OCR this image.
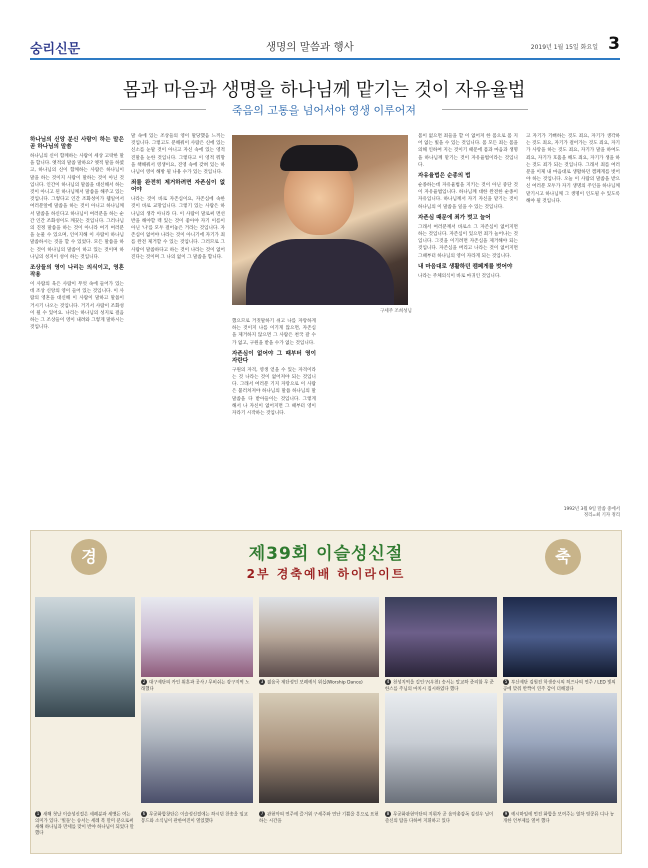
숭리신문	생명의 말씀과 행사	2019년 1월 15일 화요일 3
몸과 마음과 생명을 하나님께 맡기는 것이 자유율법
죽음의 고통을 넘어서야 영생 이루어져
하나님의 신앙 분신 사람이 하는 말은 곧 하나님의 말씀

하나님의 신이 함께하는 사람이 세상 고락한 말을 합니다. 옛적의 말씀 말하요? 옛적 말을 하였고, 하나님의 신이 함께하는 사람은 하나님이 말을 하는 것이지 사람이 말하는 것이 아닌 것입니다. 인간이 하나님의 말씀을 대신해서 하는 것이 아니고 된 하나님께서 말씀을 해주고 있는 것입니다. 그렇다고 인간 조화성이가 웹일어서 여러분앞에 말씀을 하는 것이 아니고 하나님께서 말씀을 하신다고 하나님이 여러분을 하는 순간 인간 조화성이도 깨끗는 것입니다. 그러나님의 진정 말씀을 하는 것이 아니라 여기 여러분을 눈물 수 있으며, 인이지해 이 사람이 하나님 말씀하시는 것을 할 수 있었다. 모든 말씀을 하는 것이 하나님의 말씀이 하고 있는 것이며 하나님의 성지이 성이 하는 것입니다.

조상들의 영이 나리는 의식이고, 영혼 작용

이 사람의 육은 사람이 무엇 속에 들어가 있는데 조상 신앙의 영이 들어 있는 것입니다. 이 사람의 영혼을 대신해 이 사람이 말하고 말씀이 거시기 나오는 것입니다. 거기서 사람이 조화성이 될 수 있어요. 나리는 하나님의 성지로 걸음 하는 그 조상들이 영이 내려와 그렇게 말하시는 것입니다.

말 속에 있는 조상들의 영이 말당했음 느끼는 것입니다. 그렇고도 분해줘이 사람은 신에 있는 신소를 눈말 것이 아니고 자신 속에 있는 영적 진말을 눈한 것입니다. 그렇다고 이 영적 뭐망을 책해줘서 영생이요, 진영 속에 갖혀 있는 하나님이 영이 해방 될 나용 수가 있는 것입니다.

죄를 완전히 제거하려면 자존심이 없어야

나라는 것이 바로 자존심이요, 자존심에 속한 것이 바로 교망입니다. 그렇기 있는 사람은 하나님의 생각 아니라 다. 이 사람이 말로써 면선 반을 해야할 렉 있는 것이 좋아야 자기 이름이 아닌 '나'를 모두 걸어놓은 거라는 것입니다. 자존심이 없어야 나라는 것이 아니기에 자기가 죄를 완전 제거할 수 있는 것입니다. 그러므로 그 사람이 말씀하다고 하는 것이 나라는 것이 없어진다는 것이며 그 나의 없이 그 말씀을 함니다.

했으므로 거짓말하기 쉬고 나를 자랑하게 하는 것이지 나를 이기게 않으면, 자존심을 제거하지 않으면 그 사람은 천국 갈 수가 없고, 구원을 받을 수가 없는 것입니다.

자존심이 없어야 그 때부터 영이 자란다

구원의 자격, 영생 얻을 수 있는 자격이라는 것 나라는 것이 없어져야 되는 것입니다. 그래서 여러분 기지 자랑으로 이 사람은 불러쳐져야 하나님의 말씀 하나님의 말 말씀을 다 받아들이는 것입니다. 그렇게 해서 나 자신이 없어지면 그 때부터 영이 자라기 시작하는 것입니다.

몸이 없으면 죄들을 할 이 없어져 한 몸으로 몸 지어 없는 빛을 수 있는 것입니다. 몸 모든 죄는 몸을 의해 인하여 지는 것이기 때문에 몸과 마음과 생명을 하나님께 맡기는 것이 자유율법이라는 것입니다.

자유율법은 순종의 법

순종하는데 자유율법을 지키는 것이 아닌 중단 것이 자유율법입니다. 하나님께 대한 완전한 순종이 자유입니다. 하나님께서 자기 자신을 맡기는 것이 하나님의 이 말씀을 일을 수 있는 것입니다.

자존심 때문에 죄가 벗고 늘어

그래서 여러분께서 바로소 그 자존심이 없어지면 하는 것입니다. 자존심이 있으면 죄가 늘어나는 것입니다. 그것을 이기려면 자존심을 제거해야 되는 것입니다. 자존심을 버리고 나라는 것이 없어지면 그때부터 하나님의 영이 자라게 되는 것입니다.

내 마음대로 생활하던 캠페게를 벗어야

나라는 주체의식이 바로 마귀인 것입니다.

고 자기가 기뻐하는 것도 죄요, 자기가 생각하는 것도 죄요, 자기가 걸어가는 것도 죄요, 자기가 사랑을 하는 것도 죄요, 자기가 말을 하여도 죄요, 자기가 호흡을 해도 죄요, 자기가 생을 하는 것도 죄가 되는 것입니다. 그래서 죄를 여러분을 이제 내 마음대로 생활하던 캠페게를 벗어야 하는 것입니다. 오늘 이 사람의 말씀을 받으신 여러분 모두가 자기 생명의 주인을 하나님께 맡기시고 하나님께 그 생명이 인도될 수 있도록 해야 될 것입니다.

구세주 조희성님
1992년 3월 9일 말씀 중에서
정리=최 기자 정리
경	축
제39회 이슬성신절
2부 경축예배 하이라이트
1 새해 첫날 이슬성신절은 세례분과 세뱃돈 여는 의미가 있다. '빛돌'는 승서는 세례 복 말미 분으로써 새해 하나님과 만세를 맞이 반야 하나님이 되었다 말했다
2 대구제단의 카인 워혼과 공사 / 무비쉬는 강구지역 노래했다
3 젊음국 제단성인 보례예식 워십(Worship Dance)	4 천성지역을 길인구(우쳔) 승서는 말교하 준리함 무 준한스를 주님의 마치시 집시하였다 했다
5 부산제단 김원진 학생승시의 허즈나의 연주 / LED 빛의 공에 맞춰 반짝이 연주 감이 더해졌다
6 무궁화합창단은 이슬성신절에는 하시던 찬송을 임교 봉드와 소식님이 관한여진이 열었했다
7 관현악의 연주에 즐거워 구세주와 연난 기쁨을 흥으로 표현하는 시간을
8 무궁화관현악단의 지휘자 곧 음악총감독 김성우 님이 즐신의 탑을 다하여 지휘하고 있다
9 예시하임에 먼진 화합을 보여주는 열차 영콩뮤 디나 농개한 언부제를 열어 했다
